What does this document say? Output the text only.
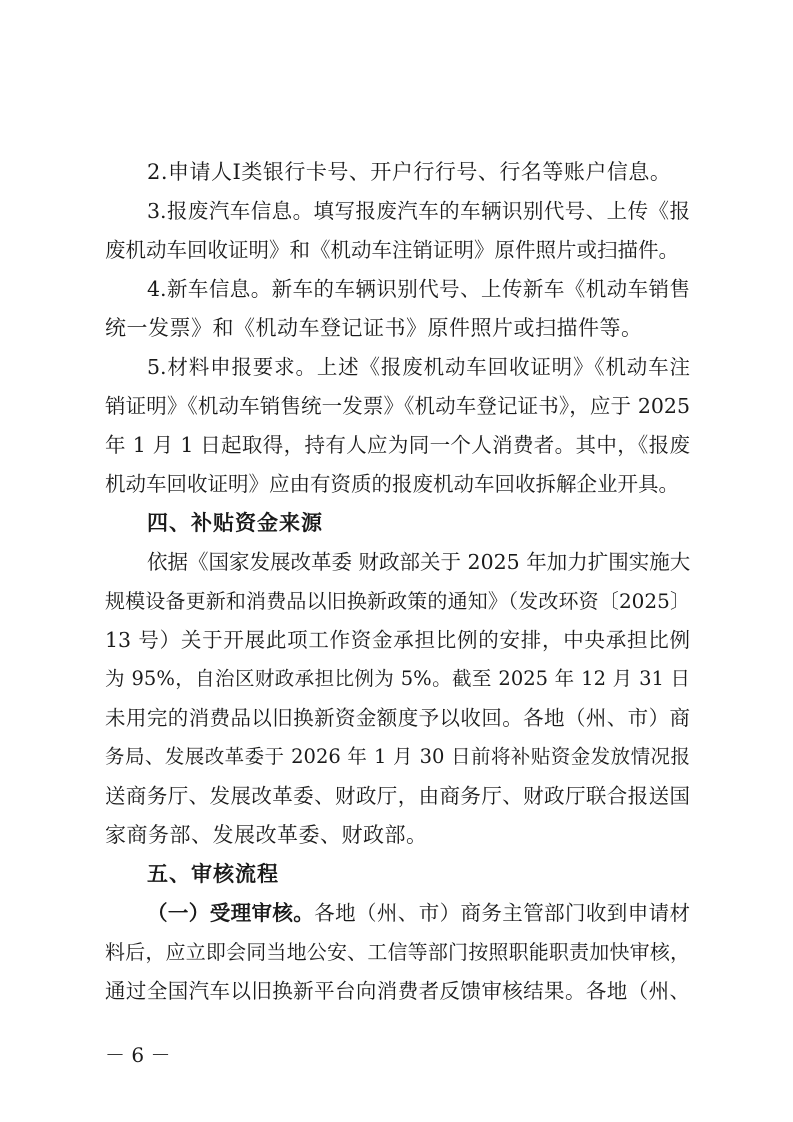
2.申请人Ⅰ类银行卡号、开户行行号、行名等账户信息。
3.报废汽车信息。填写报废汽车的车辆识别代号、上传《报
废机动车回收证明》和《机动车注销证明》原件照片或扫描件。
4.新车信息。新车的车辆识别代号、上传新车《机动车销售
统一发票》和《机动车登记证书》原件照片或扫描件等。
5.材料申报要求。上述《报废机动车回收证明》《机动车注
销证明》《机动车销售统一发票》《机动车登记证书》，应于 2025
年 1 月 1 日起取得，持有人应为同一个人消费者。其中，《报废
机动车回收证明》应由有资质的报废机动车回收拆解企业开具。
四、补贴资金来源
依据《国家发展改革委 财政部关于 2025 年加力扩围实施大
规模设备更新和消费品以旧换新政策的通知》（发改环资〔2025〕
13 号）关于开展此项工作资金承担比例的安排，中央承担比例
为 95%，自治区财政承担比例为 5%。截至 2025 年 12 月 31 日
未用完的消费品以旧换新资金额度予以收回。各地（州、市）商
务局、发展改革委于 2026 年 1 月 30 日前将补贴资金发放情况报
送商务厅、发展改革委、财政厅，由商务厅、财政厅联合报送国
家商务部、发展改革委、财政部。
五、审核流程
（一）受理审核。各地（州、市）商务主管部门收到申请材
料后，应立即会同当地公安、工信等部门按照职能职责加快审核，
通过全国汽车以旧换新平台向消费者反馈审核结果。各地（州、
－ 6 －
